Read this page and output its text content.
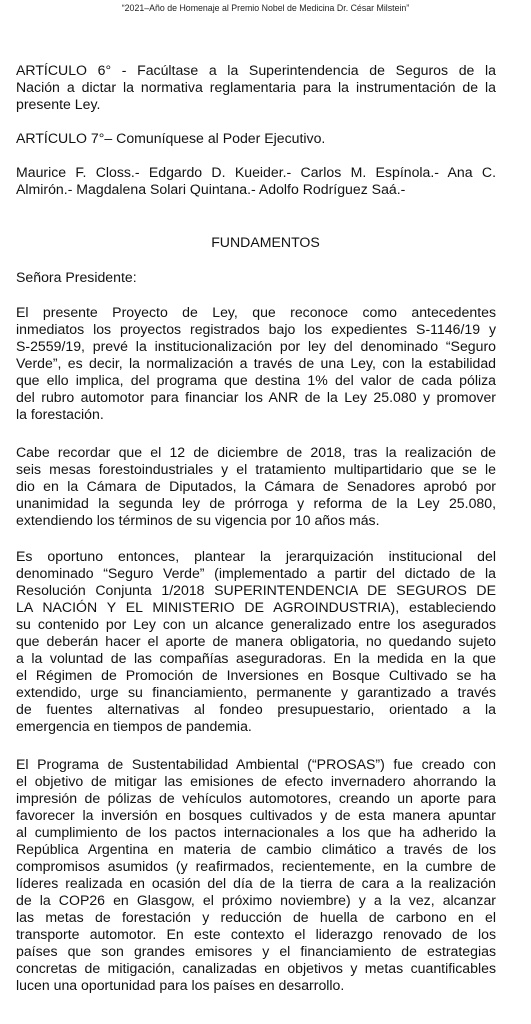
“2021–Año de Homenaje al Premio Nobel de Medicina Dr. César Milstein”
ARTÍCULO 6° - Facúltase a la Superintendencia de Seguros de la
Nación a dictar la normativa reglamentaria para la instrumentación de la
presente Ley.
ARTÍCULO 7°– Comuníquese al Poder Ejecutivo.
Maurice F. Closs.- Edgardo D. Kueider.- Carlos M. Espínola.- Ana C.
Almirón.- Magdalena Solari Quintana.- Adolfo Rodríguez Saá.-
FUNDAMENTOS
Señora Presidente:
El presente Proyecto de Ley, que reconoce como antecedentes
inmediatos los proyectos registrados bajo los expedientes S-1146/19 y
S-2559/19, prevé la institucionalización por ley del denominado “Seguro
Verde”, es decir, la normalización a través de una Ley, con la estabilidad
que ello implica, del programa que destina 1% del valor de cada póliza
del rubro automotor para financiar los ANR de la Ley 25.080 y promover
la forestación.
Cabe recordar que el 12 de diciembre de 2018, tras la realización de
seis mesas forestoindustriales y el tratamiento multipartidario que se le
dio en la Cámara de Diputados, la Cámara de Senadores aprobó por
unanimidad la segunda ley de prórroga y reforma de la Ley 25.080,
extendiendo los términos de su vigencia por 10 años más.
Es oportuno entonces, plantear la jerarquización institucional del
denominado “Seguro Verde” (implementado a partir del dictado de la
Resolución Conjunta 1/2018 SUPERINTENDENCIA DE SEGUROS DE
LA NACIÓN Y EL MINISTERIO DE AGROINDUSTRIA), estableciendo
su contenido por Ley con un alcance generalizado entre los asegurados
que deberán hacer el aporte de manera obligatoria, no quedando sujeto
a la voluntad de las compañías aseguradoras. En la medida en la que
el Régimen de Promoción de Inversiones en Bosque Cultivado se ha
extendido, urge su financiamiento, permanente y garantizado a través
de fuentes alternativas al fondeo presupuestario, orientado a la
emergencia en tiempos de pandemia.
El Programa de Sustentabilidad Ambiental (“PROSAS”) fue creado con
el objetivo de mitigar las emisiones de efecto invernadero ahorrando la
impresión de pólizas de vehículos automotores, creando un aporte para
favorecer la inversión en bosques cultivados y de esta manera apuntar
al cumplimiento de los pactos internacionales a los que ha adherido la
República Argentina en materia de cambio climático a través de los
compromisos asumidos (y reafirmados, recientemente, en la cumbre de
líderes realizada en ocasión del día de la tierra de cara a la realización
de la COP26 en Glasgow, el próximo noviembre) y a la vez, alcanzar
las metas de forestación y reducción de huella de carbono en el
transporte automotor. En este contexto el liderazgo renovado de los
países que son grandes emisores y el financiamiento de estrategias
concretas de mitigación, canalizadas en objetivos y metas cuantificables
lucen una oportunidad para los países en desarrollo.
